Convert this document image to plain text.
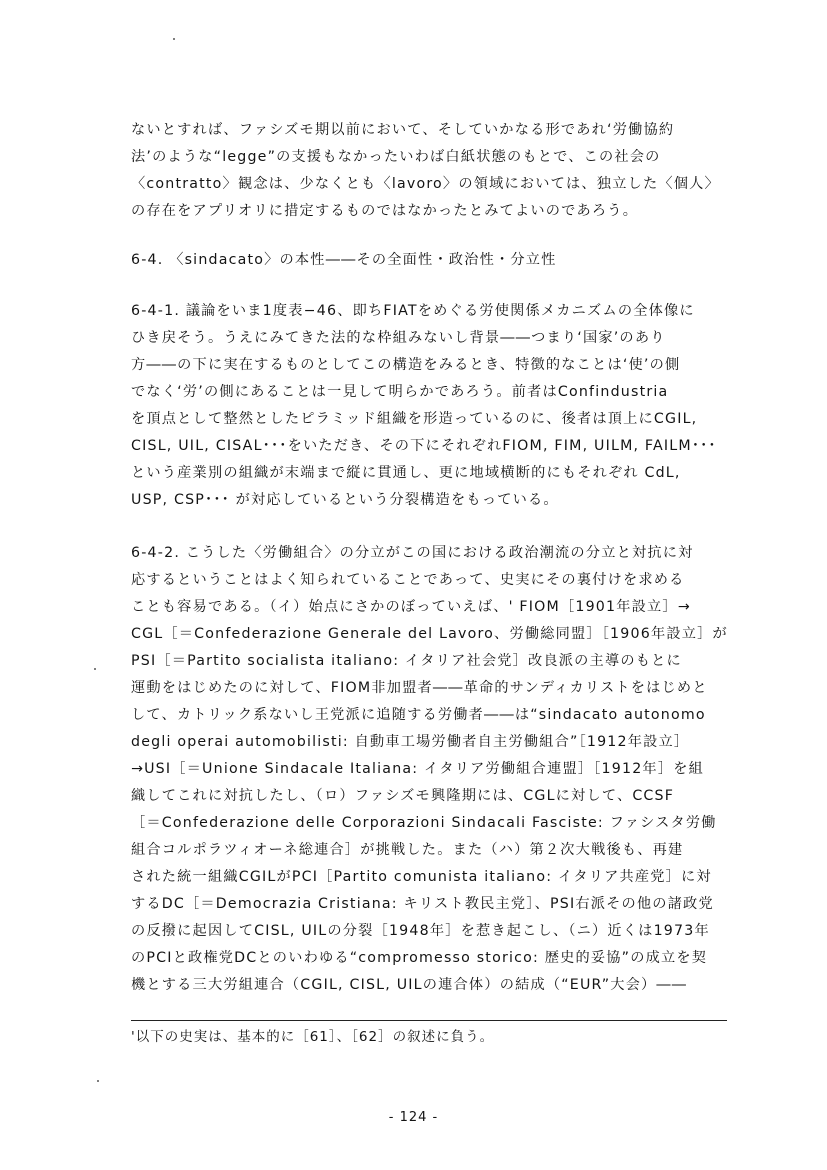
ないとすれば、ファシズモ期以前において、そしていかなる形であれ‘労働協約
法’のような“legge”の支援もなかったいわば白紙状態のもとで、この社会の
〈contratto〉観念は、少なくとも〈lavoro〉の領域においては、独立した〈個人〉
の存在をアプリオリに措定するものではなかったとみてよいのであろう。
6-4. 〈sindacato〉の本性――その全面性・政治性・分立性
6-4-1. 議論をいま1度表−46、即ちFIATをめぐる労使関係メカニズムの全体像に
ひき戻そう。うえにみてきた法的な枠組みないし背景――つまり‘国家’のあり
方――の下に実在するものとしてこの構造をみるとき、特徴的なことは‘使’の側
でなく‘労’の側にあることは一見して明らかであろう。前者はConfindustria
を頂点として整然としたピラミッド組織を形造っているのに、後者は頂上にCGIL,
CISL, UIL, CISAL･･･をいただき、その下にそれぞれFIOM, FIM, UILM, FAILM･･･
という産業別の組織が末端まで縦に貫通し、更に地域横断的にもそれぞれ CdL,
USP, CSP･･･ が対応しているという分裂構造をもっている。
6-4-2. こうした〈労働組合〉の分立がこの国における政治潮流の分立と対抗に対
応するということはよく知られていることであって、史実にその裏付けを求める
ことも容易である。（イ）始点にさかのぼっていえば、' FIOM［1901年設立］→
CGL［＝Confederazione Generale del Lavoro、労働総同盟］［1906年設立］が
PSI［＝Partito socialista italiano: イタリア社会党］改良派の主導のもとに
運動をはじめたのに対して、FIOM非加盟者――革命的サンディカリストをはじめと
して、カトリック系ないし王党派に追随する労働者――は“sindacato autonomo
degli operai automobilisti: 自動車工場労働者自主労働組合”［1912年設立］
→USI［＝Unione Sindacale Italiana: イタリア労働組合連盟］［1912年］を組
織してこれに対抗したし、（ロ）ファシズモ興隆期には、CGLに対して、CCSF
［＝Confederazione delle Corporazioni Sindacali Fasciste: ファシスタ労働
組合コルポラツィオーネ総連合］が挑戦した。また（ハ）第２次大戦後も、再建
された統一組織CGILがPCI［Partito comunista italiano: イタリア共産党］に対
するDC［＝Democrazia Cristiana: キリスト教民主党］、PSI右派その他の諸政党
の反撥に起因してCISL, UILの分裂［1948年］を惹き起こし、（ニ）近くは1973年
のPCIと政権党DCとのいわゆる“compromesso storico: 歴史的妥協”の成立を契
機とする三大労組連合（CGIL, CISL, UILの連合体）の結成（“EUR”大会）――
'以下の史実は、基本的に［61］、［62］の叙述に負う。
- 124 -
